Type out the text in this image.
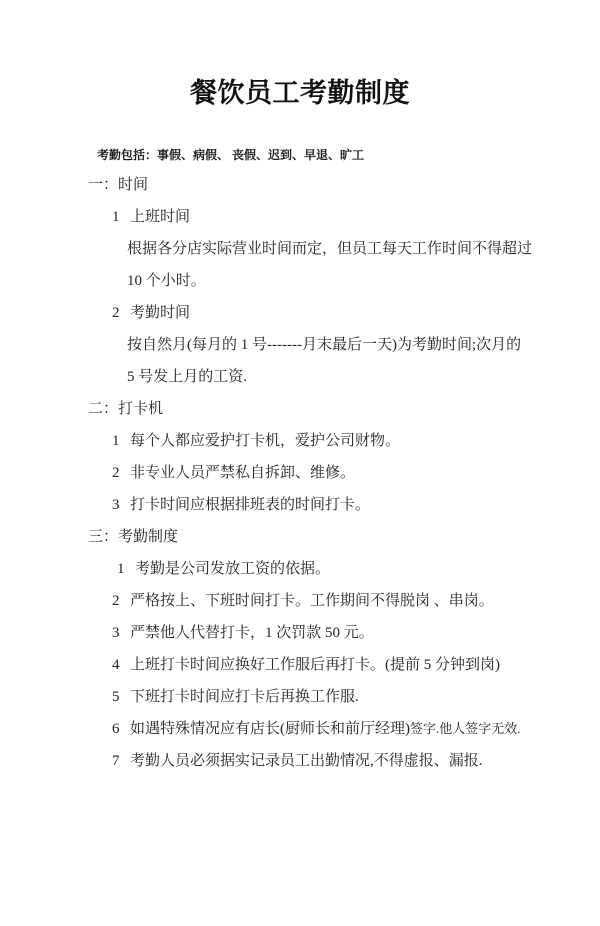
餐饮员工考勤制度

考勤包括：事假、病假、 丧假、迟到、早退、旷工

一：时间
1 上班时间
根据各分店实际营业时间而定，但员工每天工作时间不得超过
10 个小时。
2 考勤时间
按自然月(每月的 1 号-------月末最后一天)为考勤时间;次月的
5 号发上月的工资.
二：打卡机
1 每个人都应爱护打卡机，爱护公司财物。
2 非专业人员严禁私自拆卸、维修。
3 打卡时间应根据排班表的时间打卡。
三：考勤制度
1 考勤是公司发放工资的依据。
2 严格按上、下班时间打卡。工作期间不得脱岗 、串岗。
3 严禁他人代替打卡，1 次罚款 50 元。
4 上班打卡时间应换好工作服后再打卡。(提前 5 分钟到岗)
5 下班打卡时间应打卡后再换工作服.
6 如遇特殊情况应有店长(厨师长和前厅经理)签字.他人签字无效.
7 考勤人员必须据实记录员工出勤情况,不得虚报、漏报.
